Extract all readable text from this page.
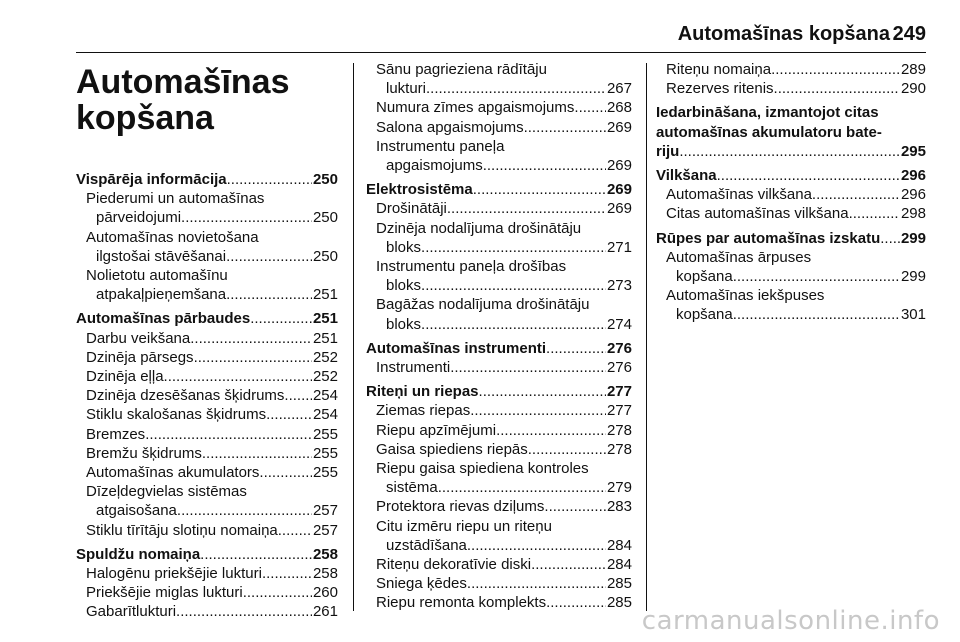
Automašīnas kopšana 249
Automašīnas
kopšana
Vispārēja informācija .....	250
Piederumi un automašīnas
pārveidojumi .....	250
Automašīnas novietošana
ilgstošai stāvēšanai .....	250
Nolietotu automašīnu
atpakaļpieņemšana .....	251
Automašīnas pārbaudes .....	251
Darbu veikšana .....	251
Dzinēja pārsegs .....	252
Dzinēja eļļa .....	252
Dzinēja dzesēšanas šķidrums .....	254
Stiklu skalošanas šķidrums .....	254
Bremzes .....	255
Bremžu šķidrums .....	255
Automašīnas akumulators .....	255
Dīzeļdegvielas sistēmas
atgaisošana .....	257
Stiklu tīrītāju slotiņu nomaiņa .....	257
Spuldžu nomaiņa .....	258
Halogēnu priekšējie lukturi .....	258
Priekšējie miglas lukturi .....	260
Gabarītlukturi .....	261
Sānu pagrieziena rādītāju
lukturi .....	267
Numura zīmes apgaismojums .....	268
Salona apgaismojums .....	269
Instrumentu paneļa
apgaismojums .....	269
Elektrosistēma .....	269
Drošinātāji .....	269
Dzinēja nodalījuma drošinātāju
bloks .....	271
Instrumentu paneļa drošības
bloks .....	273
Bagāžas nodalījuma drošinātāju
bloks .....	274
Automašīnas instrumenti .....	276
Instrumenti .....	276
Riteņi un riepas .....	277
Ziemas riepas .....	277
Riepu apzīmējumi .....	278
Gaisa spiediens riepās .....	278
Riepu gaisa spiediena kontroles
sistēma .....	279
Protektora rievas dziļums .....	283
Citu izmēru riepu un riteņu
uzstādīšana .....	284
Riteņu dekoratīvie diski .....	284
Sniega ķēdes .....	285
Riepu remonta komplekts .....	285
Riteņu nomaiņa .....	289
Rezerves ritenis .....	290
Iedarbināšana, izmantojot citas
automašīnas akumulatoru bate-
riju .....	295
Vilkšana .....	296
Automašīnas vilkšana .....	296
Citas automašīnas vilkšana .....	298
Rūpes par automašīnas izskatu .....	299
Automašīnas ārpuses
kopšana .....	299
Automašīnas iekšpuses
kopšana .....	301
carmanualsonline.info
